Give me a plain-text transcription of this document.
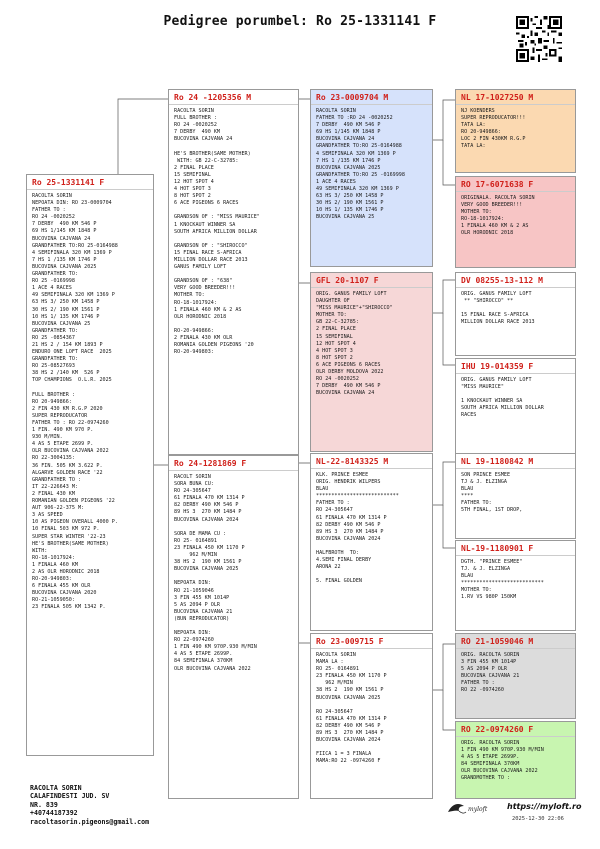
Pedigree porumbel: Ro 25-1331141 F
Ro 25-1331141 F
RACOLTA SORIN
NEPOATA DIN: RO 23-0009704
FATHER TO :
RO 24 -0020252
7 DERBY  490 KM 546 P
69 HS 1/145 KM 1848 P
BUCOVINA CAJVANA 24
GRANDFATHER TO:RO 25-0164988
4 SEMIFINALA 320 KM 1369 P
7 HS 1 /135 KM 1746 P
BUCOVINA CAJVANA 2025
GRANDFATHER TO:
RO 25 -0169998
1 ACE 4 RACES
49 SEMIFINALA 320 KM 1369 P
63 HS 3/ 250 KM 1458 P
30 HS 2/ 190 KM 1561 P
10 HS 1/ 135 KM 1746 P
BUCOVINA CAJVANA 25
GRANDFATHER TO:
RO 25 -0854367
21 HS 2 / 154 KM 1893 P
ENDURO ONE LOFT RACE  2025
GRANDFATHER TO:
RO 25-08527693
38 HS 2 /140 KM  526 P
TOP CHAMPIONS  O.L.R. 2025

FULL BROTHER :
RO 20-949866:
2 FIN 430 KM R.G.P 2020
SUPER REPRODUCATOR
FATHER TO : RO 22-0974260
1 FIN. 490 KM 970 P.
930 M/MIN.
4 AS 5 ETAPE 2699 P.
OLR BUCOVINA CAJVANA 2022
RO 22-3004135:
36 FIN. 505 KM 3.622 P.
ALGARVE GOLDEN RACE '22
GRANDFATHER TO :
IT 22-226643 M:
2 FINAL 430 KM
ROMANIAN GOLDEN PIGEONS '22
AUT 906-22-375 M:
3 AS SPEED
10 AS PIGEON OVERALL 4000 P.
10 FINAL 503 KM 972 P.
SUPER STAR WINTER '22-23
HE'S BROTHER(SAME MOTHER)
WITH:
RO-18-1017924:
1 FINALA 460 KM
2 AS OLR HORODNIC 2018
RO-20-949803:
6 FINALA 455 KM OLR
BUCOVINA CAJVANA 2020
RO-21-1059050:
23 FINALA 505 KM 1342 P.
Ro 24 -1205356 M
RACOLTA SORIN
FULL BROTHER :
RO 24 -0020252
7 DERBY  490 KM
BUCOVINA CAJVANA 24

HE'S BROTHER(SAME MOTHER)
WITH: GB 22-C-32785:
2 FINAL PLACE
15 SEMIFINAL
12 HOT SPOT 4
4 HOT SPOT 3
8 HOT SPOT 2
6 ACE PIGEONS 6 RACES

GRANDSON OF : "MISS MAURICE"
1 KNOCKAUT WINNER SA
SOUTH AFRICA MILLION DOLLAR

GRANDSON OF : "SHIROCCO"
15 FINAL RACE S-AFRICA
MILLION DOLLAR RACE 2013
GANUS FAMILY LOFT

GRANDSON OF : "638"
VERY GOOD BREEDER!!!
MOTHER TO:
RO-18-1017924:
1 FINALA 460 KM & 2 AS
OLR HORODNIC 2018

RO-20-949866:
2 FINALA 430 KM OLR
ROMANIA GOLDEN PIGEONS '20
RO-20-949803:
Ro 23-0009704 M
RACOLTA SORIN
FATHER TO :RO 24 -0020252
7 DERBY  490 KM 546 P
69 HS 1/145 KM 1848 P
BUCOVINA CAJVANA 24
GRANDFATHER TO:RO 25-0164988
4 SEMIFINALA 320 KM 1369 P
7 HS 1 /135 KM 1746 P
BUCOVINA CAJVANA 2025
GRANDFATHER TO:RO 25 -0169998
1 ACE 4 RACES
49 SEMIFINALA 320 KM 1369 P
63 HS 3/ 250 KM 1458 P
30 HS 2/ 190 KM 1561 P
10 HS 1/ 135 KM 1746 P
BUCOVINA CAJVANA 25
NL 17-1027250 M
NJ KOENDERS
SUPER REPRODUCATOR!!!
TATA LA:
RO 20-949866:
LOC 2 FIN 430KM R.G.P
TATA LA:
RO 17-6071638 F
ORIGINALA. RACOLTA SORIN
VERY GOOD BREEDER!!!
MOTHER TO:
RO-18-1017924:
1 FINALA 460 KM & 2 AS
OLR HORODNIC 2018
GFL 20-1107 F
ORIG. GANUS FAMILY LOFT
DAUGHTER OF
"MISS MAURICE"+"SHIROCCO"
MOTHER TO:
GB 22-C-32785:
2 FINAL PLACE
15 SEMIFINAL
12 HOT SPOT 4
4 HOT SPOT 3
8 HOT SPOT 2
6 ACE PIGEONS 6 RACES
OLR DERBY MOLDOVA 2022
RO 24 -0020252
7 DERBY  490 KM 546 P
BUCOVINA CAJVANA 24
DV 08255-13-112 M
ORIG. GANUS FAMILY LOFT
** "SHIROCCO" **

15 FINAL RACE S-AFRICA
MILLION DOLLAR RACE 2013
IHU 19-014359 F
ORIG. GANUS FAMILY LOFT
"MISS MAURICE"

1 KNOCKAUT WINNER SA
SOUTH AFRICA MILLION DOLLAR
RACES
Ro 24-1281869 F
RACOLT SORIN
SORA BUNA CU:
RO 24-305647
61 FINALA 470 KM 1314 P
82 DERBY 490 KM 546 P
89 HS 3  270 KM 1484 P
BUCOVINA CAJVANA 2024

SORA DE MAMA CU :
RO 25- 0164891
23 FINALA 450 KM 1170 P
962 M/MIN
38 HS 2  190 KM 1561 P
BUCOVINA CAJVANA 2025

NEPOATA DIN:
RO 21-1059046
3 FIN 455 KM 1014P
5 AS 2094 P OLR
BUCOVINA CAJVANA 21
(BUN REPRODUCATOR)

NEPOATA DIN:
RO 22-0974260
1 FIN 490 KM 970P.930 M/MIN
4 AS 5 ETAPE 2699P.
84 SEMIFINALA 370KM
OLR BUCOVINA CAJVANA 2022
NL-22-8143325 M
KLK. PRINCE ESMEE
ORIG. HENDRIK WILPERS
BLAU
***************************
FATHER TO :
RO 24-305647
61 FINALA 470 KM 1314 P
82 DERBY 490 KM 546 P
89 HS 3  270 KM 1484 P
BUCOVINA CAJVANA 2024

HALFBROTH  TO:
4.SEMI FINAL DERBY
ARONA 22

5. FINAL GOLDEN
NL 19-1180842 M
SON PRINCE ESMEE
TJ & J. ELZINGA
BLAU
****
FATHER TO:
5TH FINAL, 1ST DROP,
NL-19-1180901 F
DGTH. "PRINCE ESMEE"
TJ. & J. ELZINGA
BLAU
***************************
MOTHER TO:
1.RV VS 980P 150KM
Ro 23-009715 F
RACOLTA SORIN
MAMA LA :
RO 25- 0164891
23 FINALA 450 KM 1170 P
962 M/MIN
38 HS 2  190 KM 1561 P
BUCOVINA CAJVANA 2025

RO 24-305647
61 FINALA 470 KM 1314 P
82 DERBY 490 KM 546 P
89 HS 3  270 KM 1484 P
BUCOVINA CAJVANA 2024

FIICA 1 = 3 FINALA
MAMA:RO 22 -0974260 F
RO 21-1059046 M
ORIG. RACOLTA SORIN
3 FIN 455 KM 1014P
5 AS 2094 P OLR
BUCOVINA CAJVANA 21
FATHER TO :
RO 22 -0974260
RO 22-0974260 F
ORIG. RACOLTA SORIN
1 FIN 490 KM 970P.930 M/MIN
4 AS 5 ETAPE 2699P.
84 SEMIFINALA 370KM
OLR BUCOVINA CAJVANA 2022
GRANDMOTHER TO :
RACOLTA SORIN
CALAFINDESTI JUD. SV
NR. 839
+40744187392
racoltasorin.pigeons@gmail.com
myloft https://myloft.ro
2025-12-30 22:06
